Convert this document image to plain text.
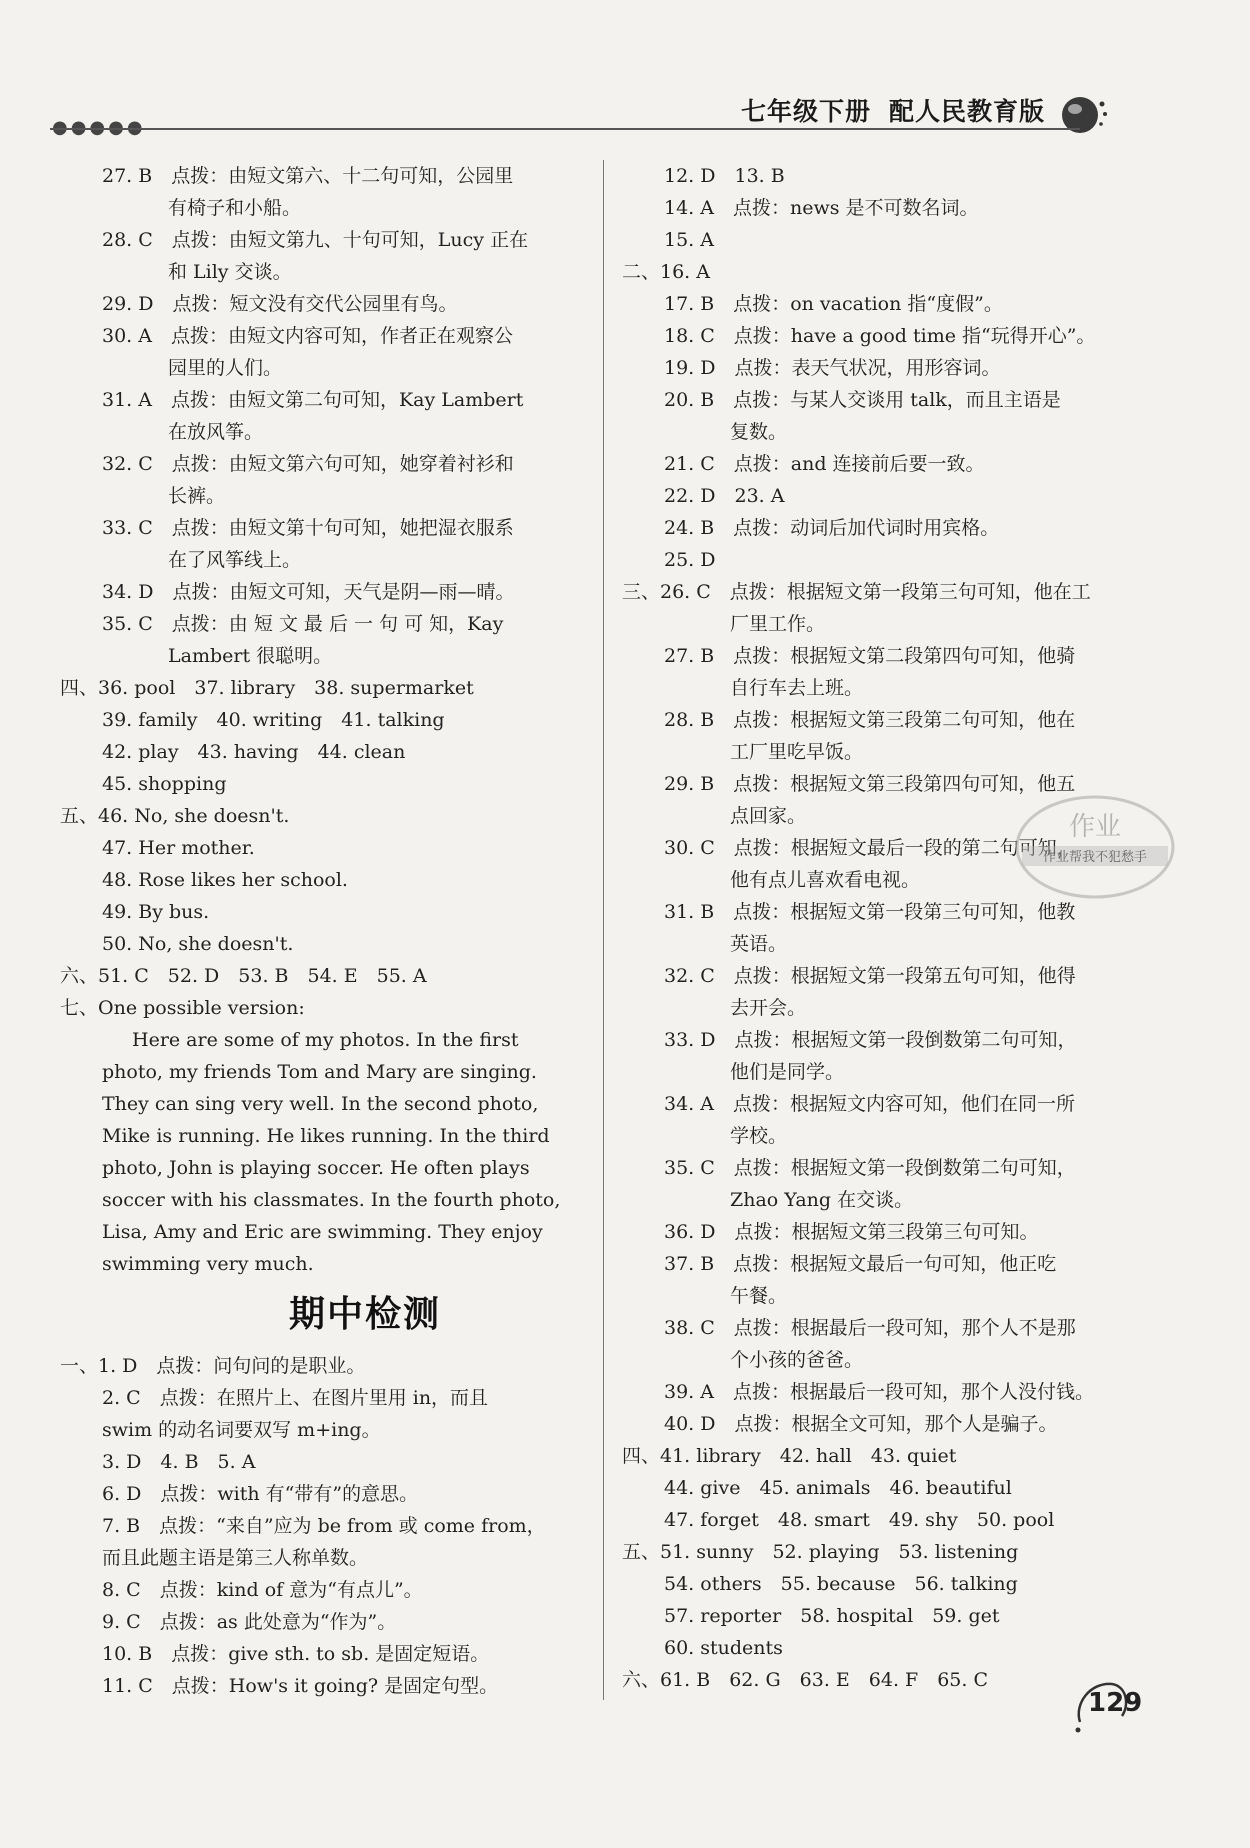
七年级下册 配人民教育版
●●●●●
27. B　点拨：由短文第六、十二句可知，公园里
有椅子和小船。
28. C　点拨：由短文第九、十句可知，Lucy 正在
和 Lily 交谈。
29. D　点拨：短文没有交代公园里有鸟。
30. A　点拨：由短文内容可知，作者正在观察公
园里的人们。
31. A　点拨：由短文第二句可知，Kay Lambert
在放风筝。
32. C　点拨：由短文第六句可知，她穿着衬衫和
长裤。
33. C　点拨：由短文第十句可知，她把湿衣服系
在了风筝线上。
34. D　点拨：由短文可知，天气是阴—雨—晴。
35. C　点拨：由 短 文 最 后 一 句 可 知，Kay
Lambert 很聪明。
四、36. pool　37. library　38. supermarket
39. family　40. writing　41. talking
42. play　43. having　44. clean
45. shopping
五、46. No, she doesn't.
47. Her mother.
48. Rose likes her school.
49. By bus.
50. No, she doesn't.
六、51. C　52. D　53. B　54. E　55. A
七、One possible version:
Here are some of my photos. In the first
photo, my friends Tom and Mary are singing.
They can sing very well. In the second photo,
Mike is running. He likes running. In the third
photo, John is playing soccer. He often plays
soccer with his classmates. In the fourth photo,
Lisa, Amy and Eric are swimming. They enjoy
swimming very much.
期中检测
一、1. D　点拨：问句问的是职业。
2. C　点拨：在照片上、在图片里用 in，而且
swim 的动名词要双写 m+ing。
3. D　4. B　5. A
6. D　点拨：with 有“带有”的意思。
7. B　点拨：“来自”应为 be from 或 come from，
而且此题主语是第三人称单数。
8. C　点拨：kind of 意为“有点儿”。
9. C　点拨：as 此处意为“作为”。
10. B　点拨：give sth. to sb. 是固定短语。
11. C　点拨：How's it going? 是固定句型。
12. D　13. B
14. A　点拨：news 是不可数名词。
15. A
二、16. A
17. B　点拨：on vacation 指“度假”。
18. C　点拨：have a good time 指“玩得开心”。
19. D　点拨：表天气状况，用形容词。
20. B　点拨：与某人交谈用 talk，而且主语是
复数。
21. C　点拨：and 连接前后要一致。
22. D　23. A
24. B　点拨：动词后加代词时用宾格。
25. D
三、26. C　点拨：根据短文第一段第三句可知，他在工
厂里工作。
27. B　点拨：根据短文第二段第四句可知，他骑
自行车去上班。
28. B　点拨：根据短文第三段第二句可知，他在
工厂里吃早饭。
29. B　点拨：根据短文第三段第四句可知，他五
点回家。
30. C　点拨：根据短文最后一段的第二句可知，
他有点儿喜欢看电视。
31. B　点拨：根据短文第一段第三句可知，他教
英语。
32. C　点拨：根据短文第一段第五句可知，他得
去开会。
33. D　点拨：根据短文第一段倒数第二句可知，
他们是同学。
34. A　点拨：根据短文内容可知，他们在同一所
学校。
35. C　点拨：根据短文第一段倒数第二句可知，
Zhao Yang 在交谈。
36. D　点拨：根据短文第三段第三句可知。
37. B　点拨：根据短文最后一句可知，他正吃
午餐。
38. C　点拨：根据最后一段可知，那个人不是那
个小孩的爸爸。
39. A　点拨：根据最后一段可知，那个人没付钱。
40. D　点拨：根据全文可知，那个人是骗子。
四、41. library　42. hall　43. quiet
44. give　45. animals　46. beautiful
47. forget　48. smart　49. shy　50. pool
五、51. sunny　52. playing　53. listening
54. others　55. because　56. talking
57. reporter　58. hospital　59. get
60. students
六、61. B　62. G　63. E　64. F　65. C
作业
作业帮我不犯愁手
129
